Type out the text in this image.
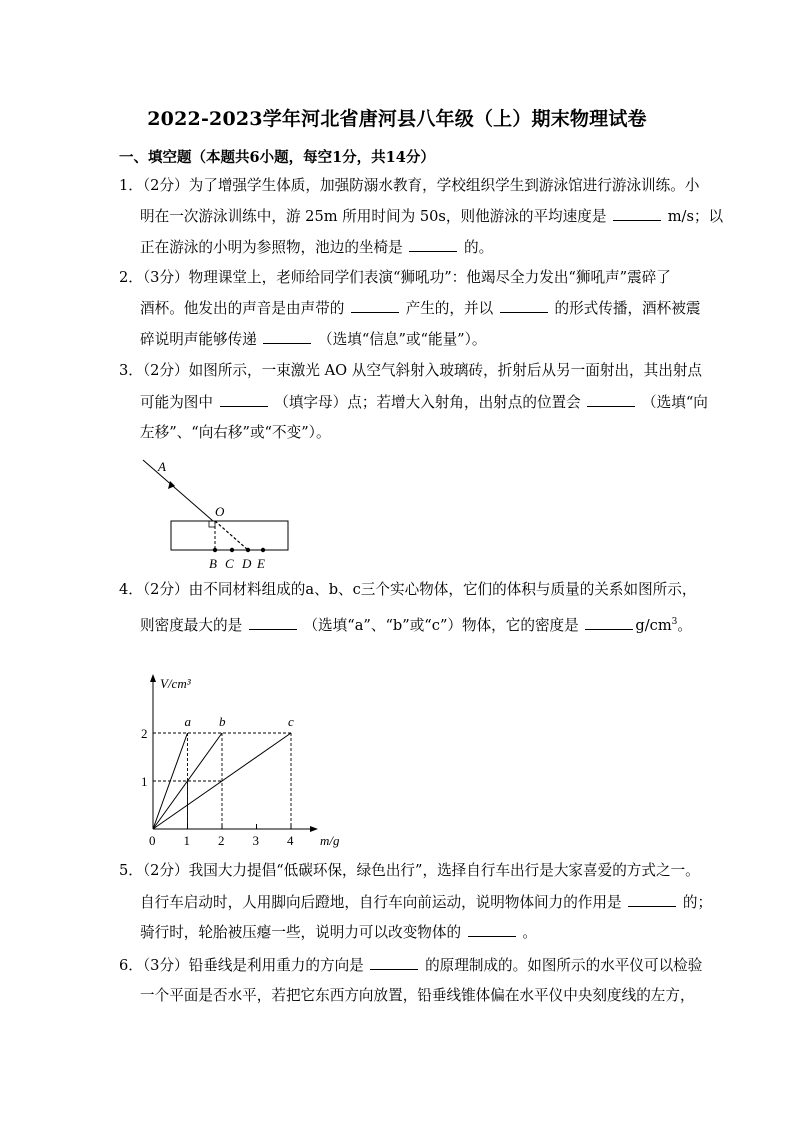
2022-2023学年河北省唐河县八年级（上）期末物理试卷
一、填空题（本题共6小题，每空1分，共14分）
1．（2分）为了增强学生体质，加强防溺水教育，学校组织学生到游泳馆进行游泳训练。小
明在一次游泳训练中，游 25m 所用时间为 50s，则他游泳的平均速度是	m/s；以
正在游泳的小明为参照物，池边的坐椅是	的。
2．（3分）物理课堂上，老师给同学们表演“狮吼功”：他竭尽全力发出“狮吼声”震碎了
酒杯。他发出的声音是由声带的	产生的，并以	的形式传播，酒杯被震
碎说明声能够传递	（选填“信息”或“能量”）。
3．（2分）如图所示，一束激光 AO 从空气斜射入玻璃砖，折射后从另一面射出，其出射点
可能为图中	（填字母）点；若增大入射角，出射点的位置会	（选填“向
左移”、“向右移”或“不变”）。
A
O
B C D E
4．（2分）由不同材料组成的a、b、c三个实心物体，它们的体积与质量的关系如图所示，
则密度最大的是	（选填“a”、“b”或“c”）物体，它的密度是	$g/cm^3$。
V/cm³
m/g
1
2
0 1 2 3 4
a b	c
5．（2分）我国大力提倡“低碳环保，绿色出行”，选择自行车出行是大家喜爱的方式之一。
自行车启动时，人用脚向后蹬地，自行车向前运动，说明物体间力的作用是	的；
骑行时，轮胎被压瘪一些，说明力可以改变物体的	。
6．（3分）铅垂线是利用重力的方向是	的原理制成的。如图所示的水平仪可以检验
一个平面是否水平，若把它东西方向放置，铅垂线锥体偏在水平仪中央刻度线的左方，
